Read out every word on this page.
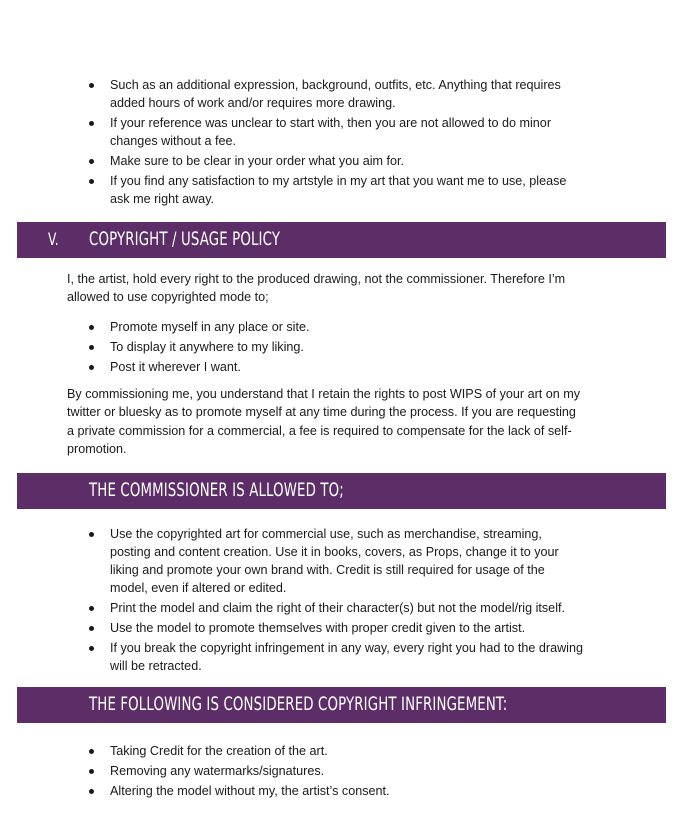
Such as an additional expression, background, outfits, etc. Anything that requires
added hours of work and/or requires more drawing.
If your reference was unclear to start with, then you are not allowed to do minor
changes without a fee.
Make sure to be clear in your order what you aim for.
If you find any satisfaction to my artstyle in my art that you want me to use, please
ask me right away.
V. COPYRIGHT / USAGE POLICY

I, the artist, hold every right to the produced drawing, not the commissioner. Therefore I’m
allowed to use copyrighted mode to;

Promote myself in any place or site.
To display it anywhere to my liking.
Post it wherever I want.

By commissioning me, you understand that I retain the rights to post WIPS of your art on my
twitter or bluesky as to promote myself at any time during the process. If you are requesting
a private commission for a commercial, a fee is required to compensate for the lack of self-
promotion.

THE COMMISSIONER IS ALLOWED TO;
Use the copyrighted art for commercial use, such as merchandise, streaming,
posting and content creation. Use it in books, covers, as Props, change it to your
liking and promote your own brand with. Credit is still required for usage of the
model, even if altered or edited.
Print the model and claim the right of their character(s) but not the model/rig itself.
Use the model to promote themselves with proper credit given to the artist.
If you break the copyright infringement in any way, every right you had to the drawing
will be retracted.
THE FOLLOWING IS CONSIDERED COPYRIGHT INFRINGEMENT:
Taking Credit for the creation of the art.
Removing any watermarks/signatures.
Altering the model without my, the artist’s consent.
